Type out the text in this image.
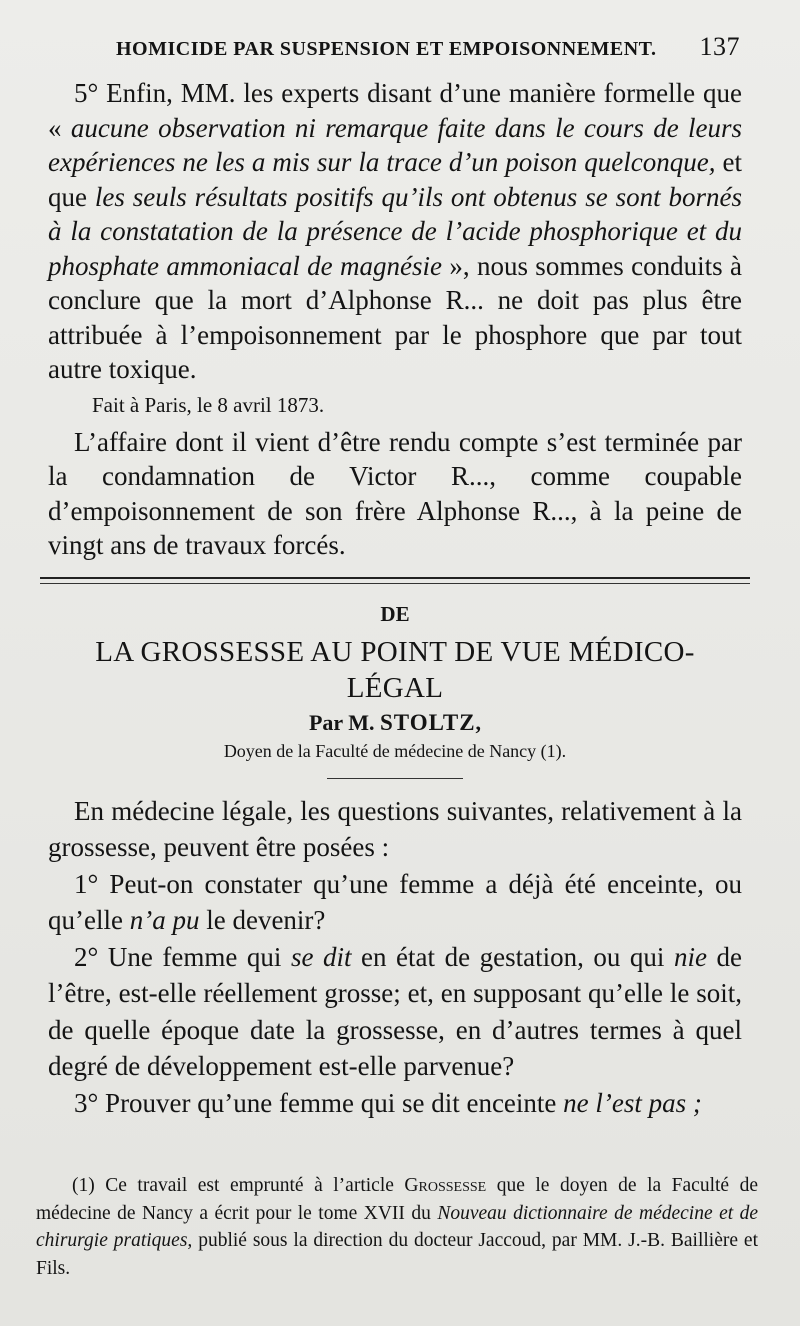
HOMICIDE PAR SUSPENSION ET EMPOISONNEMENT. 137

5° Enfin, MM. les experts disant d’une manière formelle que « aucune observation ni remarque faite dans le cours de leurs expériences ne les a mis sur la trace d’un poison quelconque, et que les seuls résultats positifs qu’ils ont obtenus se sont bornés à la constatation de la présence de l’acide phosphorique et du phosphate ammoniacal de magnésie », nous sommes conduits à conclure que la mort d’Alphonse R... ne doit pas plus être attribuée à l’empoisonnement par le phosphore que par tout autre toxique.

Fait à Paris, le 8 avril 1873.

L’affaire dont il vient d’être rendu compte s’est terminée par la condamnation de Victor R..., comme coupable d’empoisonnement de son frère Alphonse R..., à la peine de vingt ans de travaux forcés.

DE
LA GROSSESSE AU POINT DE VUE MÉDICO-LÉGAL
Par M. STOLTZ,
Doyen de la Faculté de médecine de Nancy (1).

En médecine légale, les questions suivantes, relativement à la grossesse, peuvent être posées :

1° Peut-on constater qu’une femme a déjà été enceinte, ou qu’elle n’a pu le devenir?

2° Une femme qui se dit en état de gestation, ou qui nie de l’être, est-elle réellement grosse; et, en supposant qu’elle le soit, de quelle époque date la grossesse, en d’autres termes à quel degré de développement est-elle parvenue?

3° Prouver qu’une femme qui se dit enceinte ne l’est pas ;

(1) Ce travail est emprunté à l’article Grossesse que le doyen de la Faculté de médecine de Nancy a écrit pour le tome XVII du Nouveau dictionnaire de médecine et de chirurgie pratiques, publié sous la direction du docteur Jaccoud, par MM. J.-B. Baillière et Fils.
